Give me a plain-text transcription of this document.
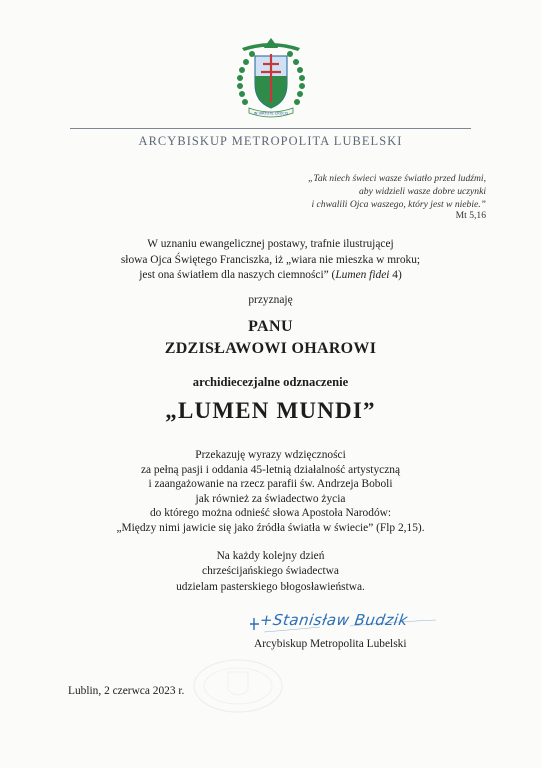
IN VIRTUTE CRUCIS
ARCYBISKUP METROPOLITA LUBELSKI
„Tak niech świeci wasze światło przed ludźmi,
aby widzieli wasze dobre uczynki
i chwalili Ojca waszego, który jest w niebie.”
Mt 5,16
W uznaniu ewangelicznej postawy, trafnie ilustrującej
słowa Ojca Świętego Franciszka, iż „wiara nie mieszka w mroku;
jest ona światłem dla naszych ciemności” (Lumen fidei 4)
przyznaję
PANU
ZDZISŁAWOWI OHAROWI
archidiecezjalne odznaczenie
„LUMEN MUNDI”
Przekazuję wyrazy wdzięczności
za pełną pasji i oddania 45-letnią działalność artystyczną
i zaangażowanie na rzecz parafii św. Andrzeja Boboli
jak również za świadectwo życia
do którego można odnieść słowa Apostoła Narodów:
„Między nimi jawicie się jako źródła światła w świecie” (Flp 2,15).
Na każdy kolejny dzień
chrześcijańskiego świadectwa
udzielam pasterskiego błogosławieństwa.
+Stanisław Budzik
Arcybiskup Metropolita Lubelski
Lublin, 2 czerwca 2023 r.
